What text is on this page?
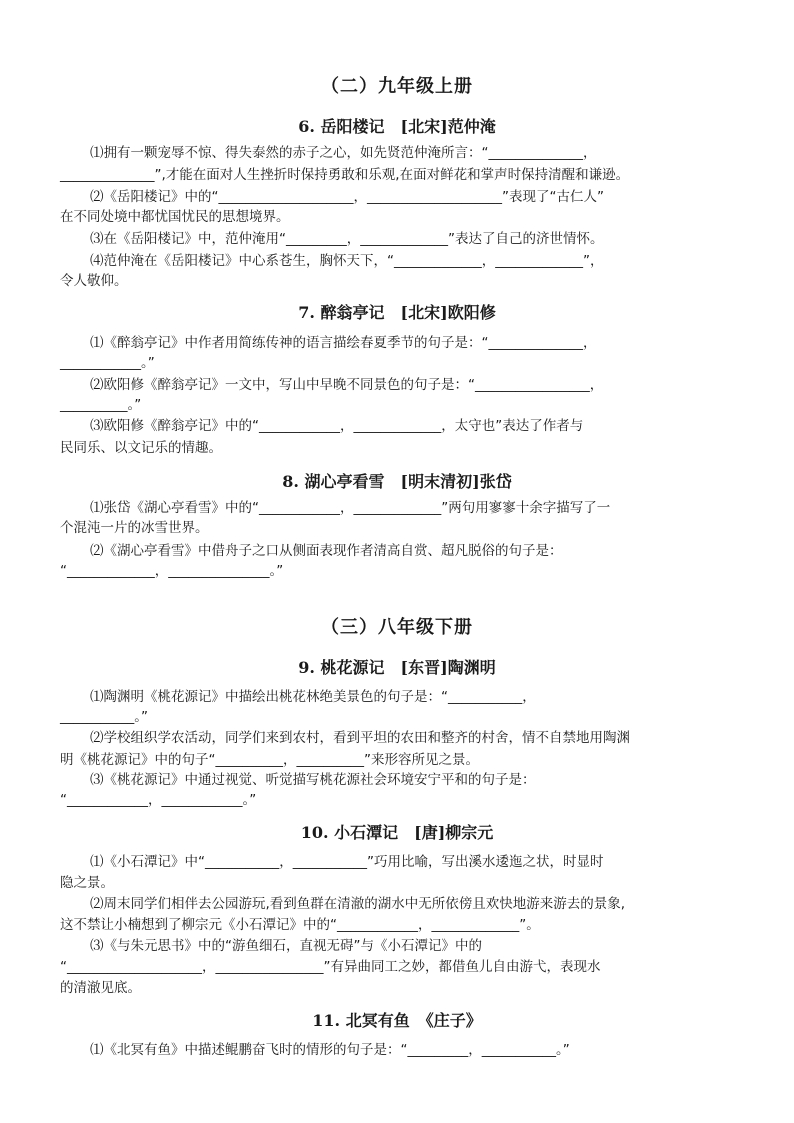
（二）九年级上册
6. 岳阳楼记　[北宋]范仲淹
⑴拥有一颗宠辱不惊、得失泰然的赤子之心，如先贤范仲淹所言：“______________，
______________”,才能在面对人生挫折时保持勇敢和乐观,在面对鲜花和掌声时保持清醒和谦逊。
⑵《岳阳楼记》中的“____________________，____________________”表现了“古仁人”
在不同处境中都忧国忧民的思想境界。
⑶在《岳阳楼记》中，范仲淹用“_________，_____________”表达了自己的济世情怀。
⑷范仲淹在《岳阳楼记》中心系苍生，胸怀天下，“_____________，_____________”，
令人敬仰。
7. 醉翁亭记　[北宋]欧阳修
⑴《醉翁亭记》中作者用简练传神的语言描绘春夏季节的句子是：“______________，
____________。”
⑵欧阳修《醉翁亭记》一文中，写山中早晚不同景色的句子是：“_________________，
__________。”
⑶欧阳修《醉翁亭记》中的“____________，_____________，太守也”表达了作者与
民同乐、以文记乐的情趣。
8. 湖心亭看雪　[明末清初]张岱
⑴张岱《湖心亭看雪》中的“____________，_____________”两句用寥寥十余字描写了一
个混沌一片的冰雪世界。
⑵《湖心亭看雪》中借舟子之口从侧面表现作者清高自赏、超凡脱俗的句子是：
“_____________，_______________。”
（三）八年级下册
9. 桃花源记　[东晋]陶渊明
⑴陶渊明《桃花源记》中描绘出桃花林绝美景色的句子是：“___________，
___________。”
⑵学校组织学农活动，同学们来到农村，看到平坦的农田和整齐的村舍，情不自禁地用陶渊
明《桃花源记》中的句子“__________，__________”来形容所见之景。
⑶《桃花源记》中通过视觉、听觉描写桃花源社会环境安宁平和的句子是：
“____________，____________。”
10. 小石潭记　[唐]柳宗元
⑴《小石潭记》中“___________，___________”巧用比喻，写出溪水逶迤之状，时显时
隐之景。
⑵周末同学们相伴去公园游玩,看到鱼群在清澈的湖水中无所依傍且欢快地游来游去的景象,
这不禁让小楠想到了柳宗元《小石潭记》中的“____________，_____________”。
⑶《与朱元思书》中的“游鱼细石，直视无碍”与《小石潭记》中的
“____________________，________________”有异曲同工之妙，都借鱼儿自由游弋，表现水
的清澈见底。
11. 北冥有鱼　《庄子》
⑴《北冥有鱼》中描述鲲鹏奋飞时的情形的句子是：“_________，___________。”
